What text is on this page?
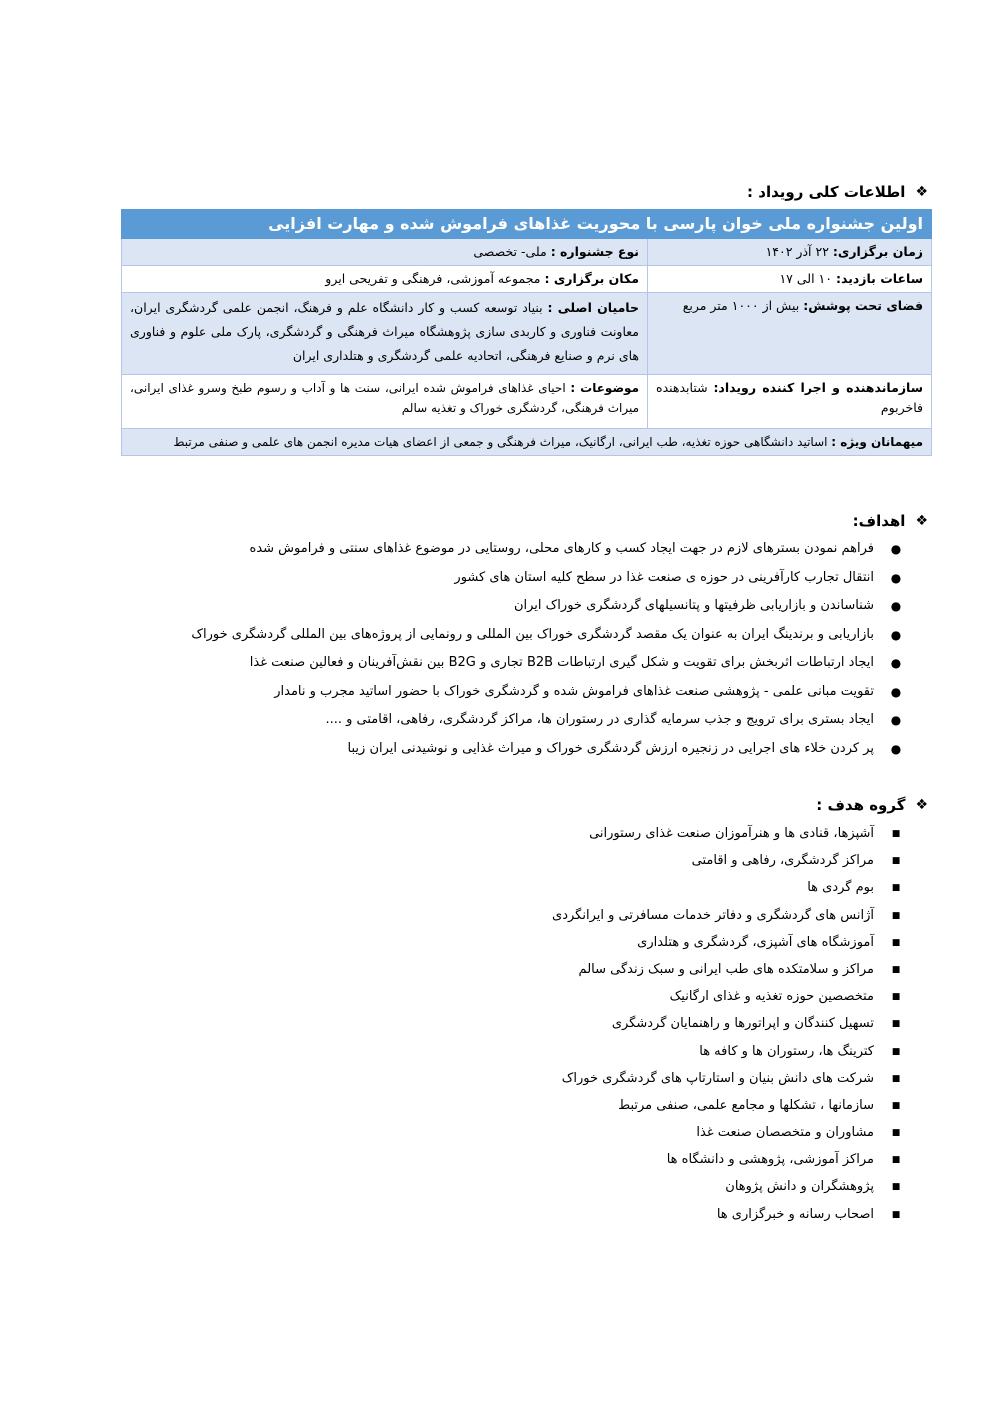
❖
اطلاعات کلی رویداد :
اولین جشنواره ملی خوان پارسی با محوریت غذاهای فراموش شده و مهارت افزایی	
زمان برگزاری: ۲۲ آذر ۱۴۰۲	نوع جشنواره : ملی- تخصصی
ساعات بازدید: ۱۰ الی ۱۷	مکان برگزاری : مجموعه آموزشی، فرهنگی و تفریحی ایرو
فضای تحت پوشش: بیش از ۱۰۰۰ متر مربع	حامیان اصلی : بنیاد توسعه کسب و کار دانشگاه علم و فرهنگ، انجمن علمی گردشگری ایران، معاونت فناوری و کاربدی سازی پژوهشگاه میراث فرهنگی و گردشگری، پارک ملی علوم و فناوری های نرم و صنایع فرهنگی، اتحادیه علمی گردشگری و هتلداری ایران
سازماندهنده و اجرا کننده رویداد: شتابدهنده فاخربوم	موضوعات : احیای غذاهای فراموش شده ایرانی، سنت ها و آداب و رسوم طبخ وسرو غذای ایرانی، میراث فرهنگی، گردشگری خوراک و تغذیه سالم
میهمانان ویژه : اساتید دانشگاهی حوزه تغذیه، طب ایرانی، ارگانیک، میراث فرهنگی و جمعی از اعضای هیات مدیره انجمن های علمی و صنفی مرتبط	
❖
اهداف:
●
فراهم نمودن بسترهای لازم در جهت ایجاد کسب و کارهای محلی، روستایی در موضوع غذاهای سنتی و فراموش شده
●
انتقال تجارب کارآفرینی در حوزه ی صنعت غذا در سطح کلیه استان های کشور
●
شناساندن و بازاریابی ظرفیتها و پتانسیلهای گردشگری خوراک ایران
●
بازاریابی و برندینگ ایران به عنوان یک مقصد گردشگری خوراک بین المللی و رونمایی از پروژه‌های بین المللی گردشگری خوراک
●
ایجاد ارتباطات اثربخش برای تقویت و شکل گیری ارتباطات B2B تجاری و B2G بین نقش‌آفرینان و فعالین صنعت غذا
●
تقویت مبانی علمی - پژوهشی صنعت غذاهای فراموش شده و گردشگری خوراک با حضور اساتید مجرب و نامدار
●
ایجاد بستری برای ترویج و جذب سرمایه گذاری در رستوران ها، مراکز گردشگری، رفاهی، اقامتی و ....
●
پر کردن خلاء های اجرایی در زنجیره ارزش گردشگری خوراک و میراث غذایی و نوشیدنی ایران زیبا
❖
گروه هدف :
■
آشپزها، قنادی ها و هنرآموزان صنعت غذای رستورانی
■
مراکز گردشگری، رفاهی و اقامتی
■
بوم گردی ها
■
آژانس های گردشگری و دفاتر خدمات مسافرتی و ایرانگردی
■
آموزشگاه های آشپزی، گردشگری و هتلداری
■
مراکز و سلامتکده های طب ایرانی و سبک زندگی سالم
■
متخصصین حوزه تغذیه و غذای ارگانیک
■
تسهیل کنندگان و اپراتورها و راهنمایان گردشگری
■
کترینگ ها، رستوران ها و کافه ها
■
شرکت های دانش بنیان و استارتاپ های گردشگری خوراک
■
سازمانها ، تشکلها و مجامع علمی، صنفی مرتبط
■
مشاوران و متخصصان صنعت غذا
■
مراکز آموزشی، پژوهشی و دانشگاه ها
■
پژوهشگران و دانش پژوهان
■
اصحاب رسانه و خبرگزاری ها
